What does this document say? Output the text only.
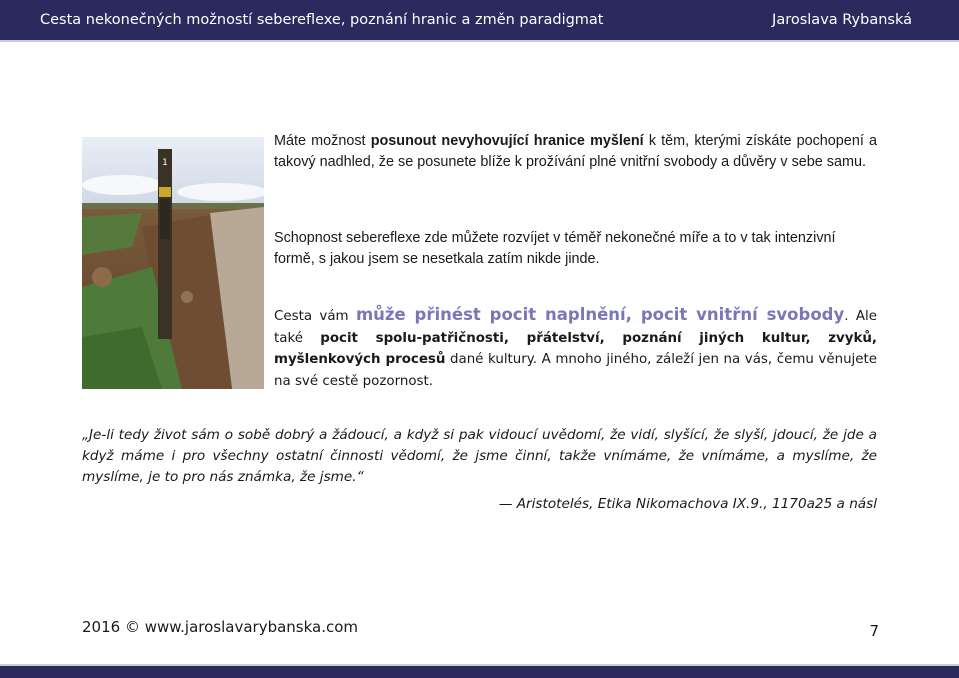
Cesta nekonečných možností sebereflexe, poznání hranic a změn paradigmat	Jaroslava Rybanská
1
Máte možnost posunout nevyhovující hranice myšlení k těm, kterými získáte pochopení a takový nadhled, že se posunete blíže k prožívání plné vnitřní svobody a důvěry v sebe samu.
Schopnost sebereflexe zde můžete rozvíjet v téměř nekonečné míře a to v tak intenzivní formě, s jakou jsem se nesetkala zatím nikde jinde.
Cesta vám může přinést pocit naplnění, pocit vnitřní svobody. Ale také pocit spolu-patřičnosti, přátelství, poznání jiných kultur, zvyků, myšlenkových procesů dané kultury. A mnoho jiného, záleží jen na vás, čemu věnujete na své cestě pozornost.
„Je-li tedy život sám o sobě dobrý a žádoucí, a když si pak vidoucí uvědomí, že vidí, slyšící, že slyší, jdoucí, že jde a když máme i pro všechny ostatní činnosti vědomí, že jsme činní, takže vnímáme, že vnímáme, a myslíme, že myslíme, je to pro nás známka, že jsme.“
— Aristotelés, Etika Nikomachova IX.9., 1170a25 a násl
2016 © www.jaroslavarybanska.com	7
